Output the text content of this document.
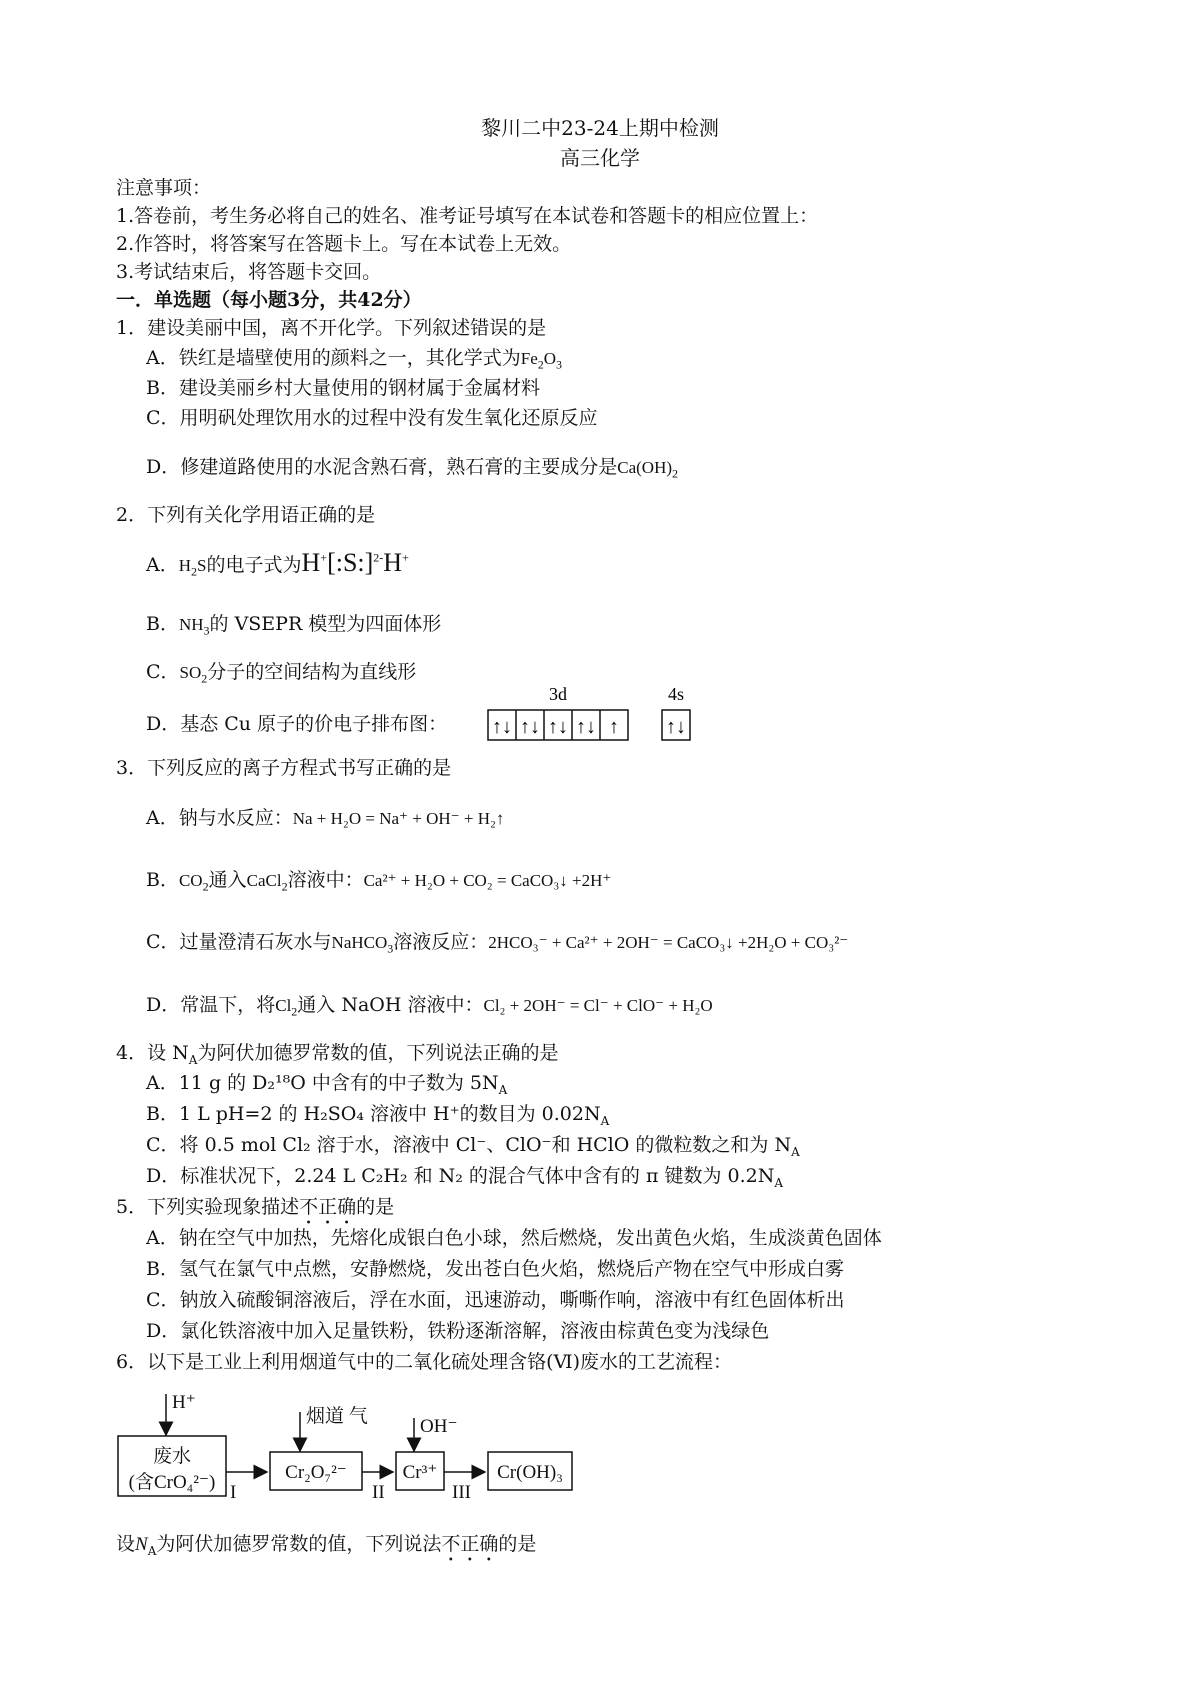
黎川二中23-24上期中检测
高三化学
注意事项：
1.答卷前，考生务必将自己的姓名、准考证号填写在本试卷和答题卡的相应位置上：
2.作答时，将答案写在答题卡上。写在本试卷上无效。
3.考试结束后，将答题卡交回。
一．单选题（每小题3分，共42分）
1．建设美丽中国，离不开化学。下列叙述错误的是
A．铁红是墙壁使用的颜料之一，其化学式为$Fe_2O_3$
B．建设美丽乡村大量使用的钢材属于金属材料
C．用明矾处理饮用水的过程中没有发生氧化还原反应
D．修建道路使用的水泥含熟石膏，熟石膏的主要成分是$Ca(OH)_2$
2．下列有关化学用语正确的是
A．$H_2S$的电子式为H+[:S:]$^{2-}$H+
B．$NH_3$的 VSEPR 模型为四面体形
C．$SO_2$分子的空间结构为直线形
D．基态 Cu 原子的价电子排布图：
3d	4s
↑↓ ↑↓ ↑↓ ↑↓ ↑ ↑↓
3．下列反应的离子方程式书写正确的是
A．钠与水反应：Na + H₂O = Na⁺ + OH⁻ + H₂↑
B．$CO_2$通入CaCl$_2$溶液中：Ca²⁺ + H₂O + CO₂ = CaCO₃↓ +2H⁺
C．过量澄清石灰水与NaHCO$_3$溶液反应：2HCO₃⁻ + Ca²⁺ + 2OH⁻ = CaCO₃↓ +2H₂O + CO₃²⁻
D．常温下，将$Cl_2$通入 NaOH 溶液中：Cl₂ + 2OH⁻ = Cl⁻ + ClO⁻ + H₂O
4．设 $N_A$为阿伏加德罗常数的值，下列说法正确的是
A．11 g 的 D₂¹⁸O 中含有的中子数为 $5N_A$
B．1 L pH=2 的 H₂SO₄ 溶液中 H⁺的数目为 $0.02N_A$
C．将 0.5 mol Cl₂ 溶于水，溶液中 Cl⁻、ClO⁻和 HClO 的微粒数之和为 $N_A$
D．标准状况下，2.24 L C₂H₂ 和 N₂ 的混合气体中含有的 π 键数为 $0.2N_A$
5．下列实验现象描述不正确的是
A．钠在空气中加热，先熔化成银白色小球，然后燃烧，发出黄色火焰，生成淡黄色固体
B．氢气在氯气中点燃，安静燃烧，发出苍白色火焰，燃烧后产物在空气中形成白雾
C．钠放入硫酸铜溶液后，浮在水面，迅速游动，嘶嘶作响，溶液中有红色固体析出
D．氯化铁溶液中加入足量铁粉，铁粉逐渐溶解，溶液由棕黄色变为浅绿色
6．以下是工业上利用烟道气中的二氧化硫处理含铬(Ⅵ)废水的工艺流程：
H⁺
废水
(含CrO₄²⁻) I
烟道 气
Cr₂O₇²⁻
II
OH⁻
Cr³⁺
III
Cr(OH)₃
设$N_A$为阿伏加德罗常数的值，下列说法不正确的是
